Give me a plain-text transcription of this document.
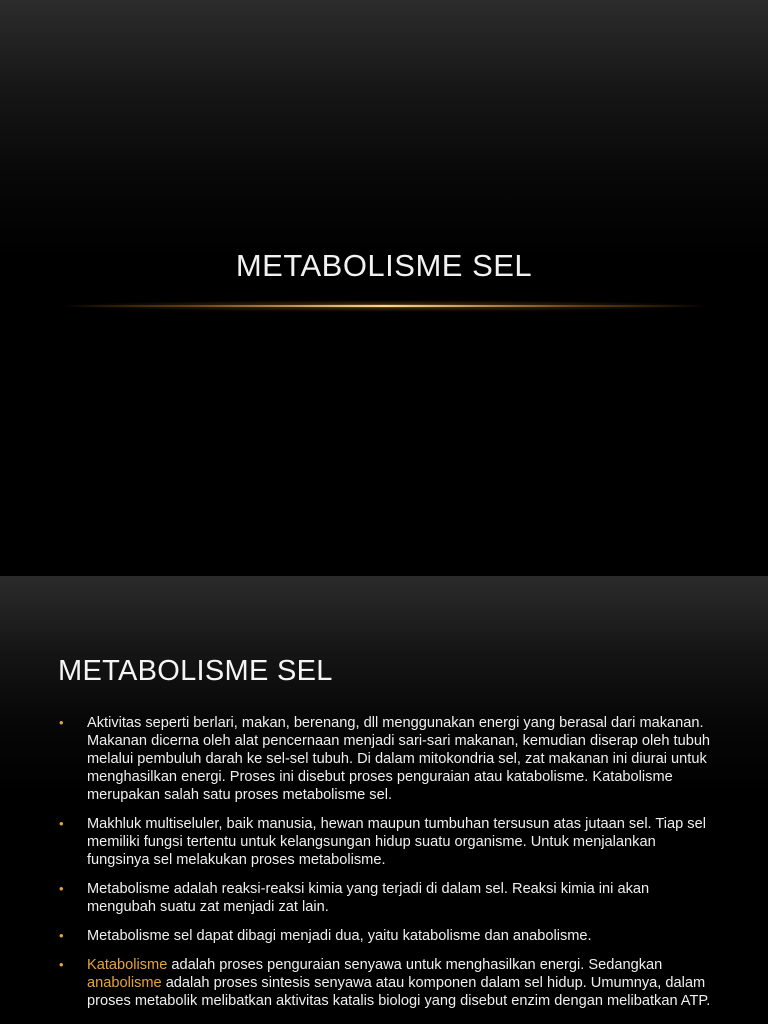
METABOLISME SEL
METABOLISME SEL
• Aktivitas seperti berlari, makan, berenang, dll menggunakan energi yang berasal dari makanan. Makanan dicerna oleh alat pencernaan menjadi sari-sari makanan, kemudian diserap oleh tubuh melalui pembuluh darah ke sel-sel tubuh. Di dalam mitokondria sel, zat makanan ini diurai untuk menghasilkan energi. Proses ini disebut proses penguraian atau katabolisme. Katabolisme merupakan salah satu proses metabolisme sel.
• Makhluk multiseluler, baik manusia, hewan maupun tumbuhan tersusun atas jutaan sel. Tiap sel memiliki fungsi tertentu untuk kelangsungan hidup suatu organisme. Untuk menjalankan fungsinya sel melakukan proses metabolisme.
• Metabolisme adalah reaksi-reaksi kimia yang terjadi di dalam sel. Reaksi kimia ini akan mengubah suatu zat menjadi zat lain.
• Metabolisme sel dapat dibagi menjadi dua, yaitu katabolisme dan anabolisme.
• Katabolisme adalah proses penguraian senyawa untuk menghasilkan energi. Sedangkan anabolisme adalah proses sintesis senyawa atau komponen dalam sel hidup. Umumnya, dalam proses metabolik melibatkan aktivitas katalis biologi yang disebut enzim dengan melibatkan ATP.
